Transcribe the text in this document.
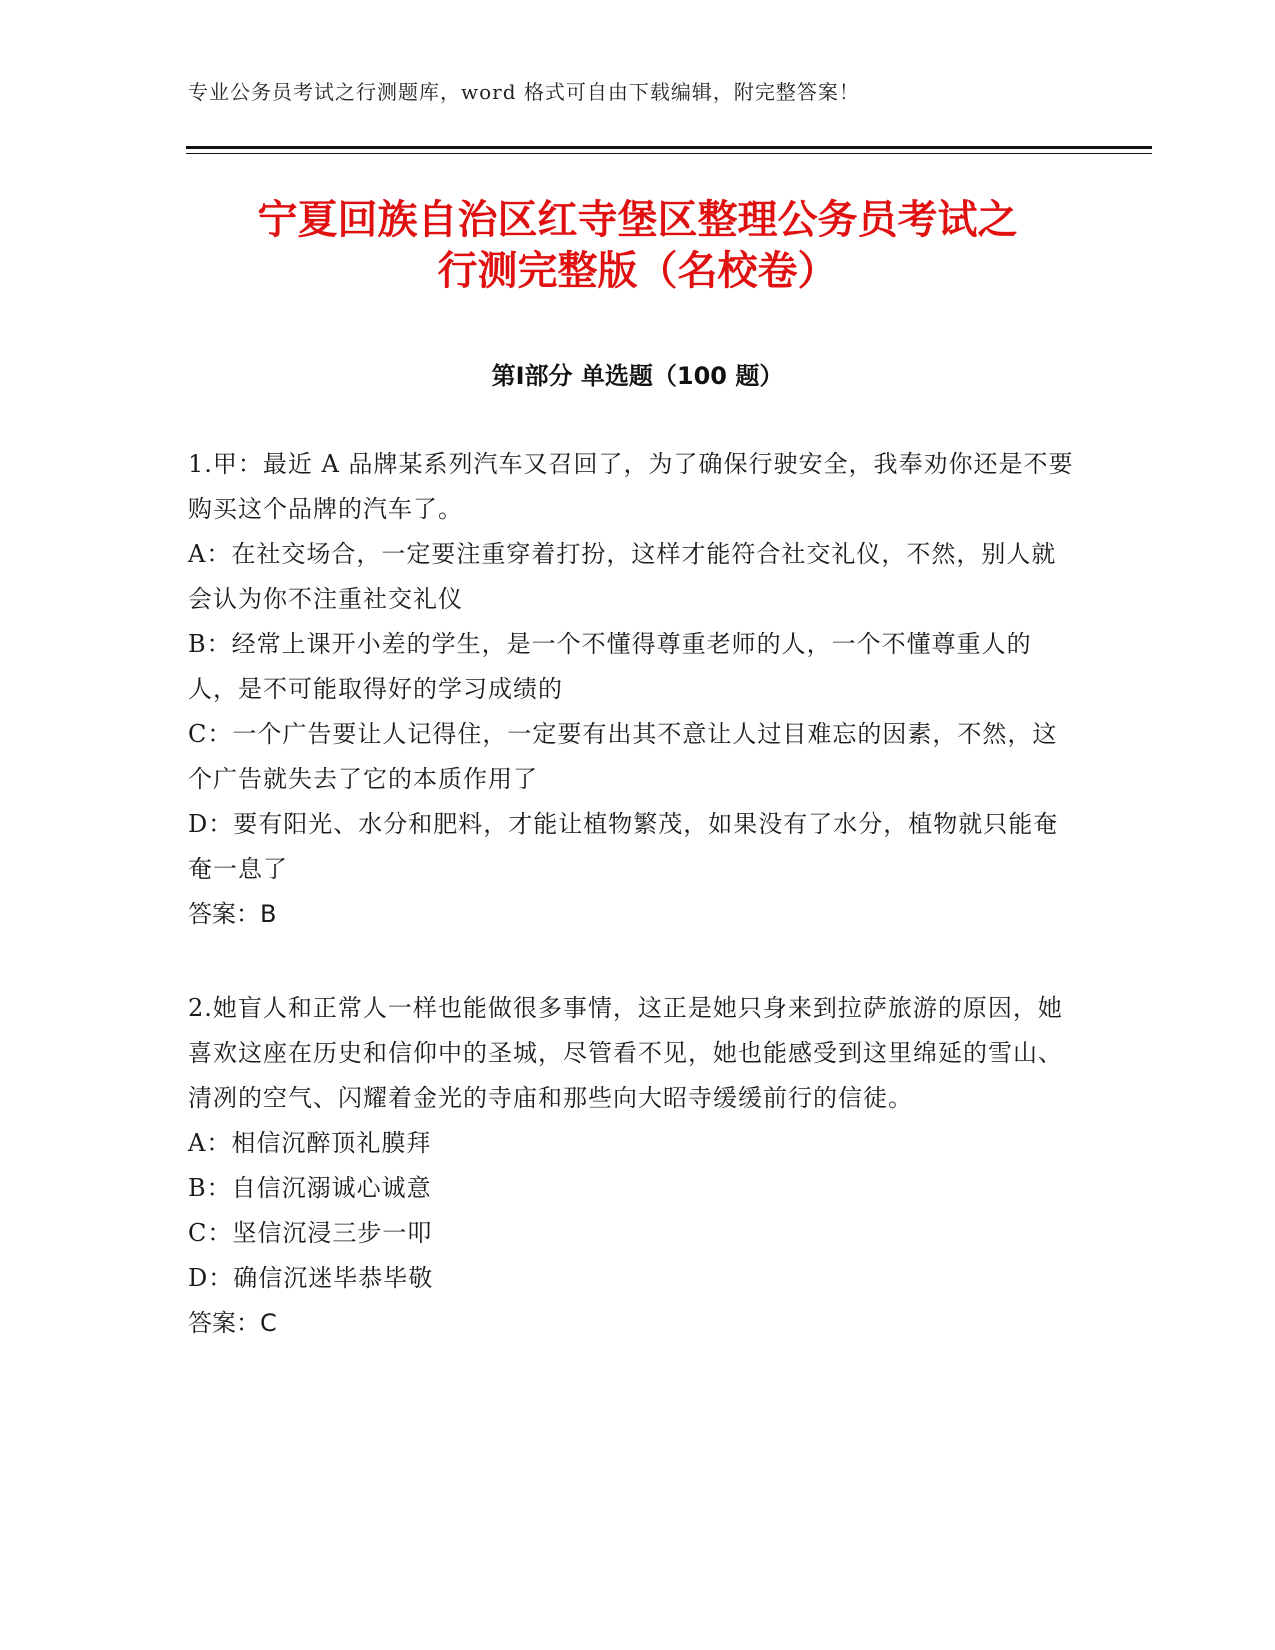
专业公务员考试之行测题库，word 格式可自由下载编辑，附完整答案！
宁夏回族自治区红寺堡区整理公务员考试之
行测完整版（名校卷）
第Ⅰ部分 单选题（100 题）

1.甲：最近 A 品牌某系列汽车又召回了，为了确保行驶安全，我奉劝你还是不要购买这个品牌的汽车了。

A：在社交场合，一定要注重穿着打扮，这样才能符合社交礼仪，不然，别人就会认为你不注重社交礼仪

B：经常上课开小差的学生，是一个不懂得尊重老师的人，一个不懂尊重人的人，是不可能取得好的学习成绩的

C：一个广告要让人记得住，一定要有出其不意让人过目难忘的因素，不然，这个广告就失去了它的本质作用了

D：要有阳光、水分和肥料，才能让植物繁茂，如果没有了水分，植物就只能奄奄一息了

答案：B

2.她盲人和正常人一样也能做很多事情，这正是她只身来到拉萨旅游的原因，她喜欢这座在历史和信仰中的圣城，尽管看不见，她也能感受到这里绵延的雪山、清冽的空气、闪耀着金光的寺庙和那些向大昭寺缓缓前行的信徒。

A：相信沉醉顶礼膜拜

B：自信沉溺诚心诚意

C：坚信沉浸三步一叩

D：确信沉迷毕恭毕敬

答案：C
